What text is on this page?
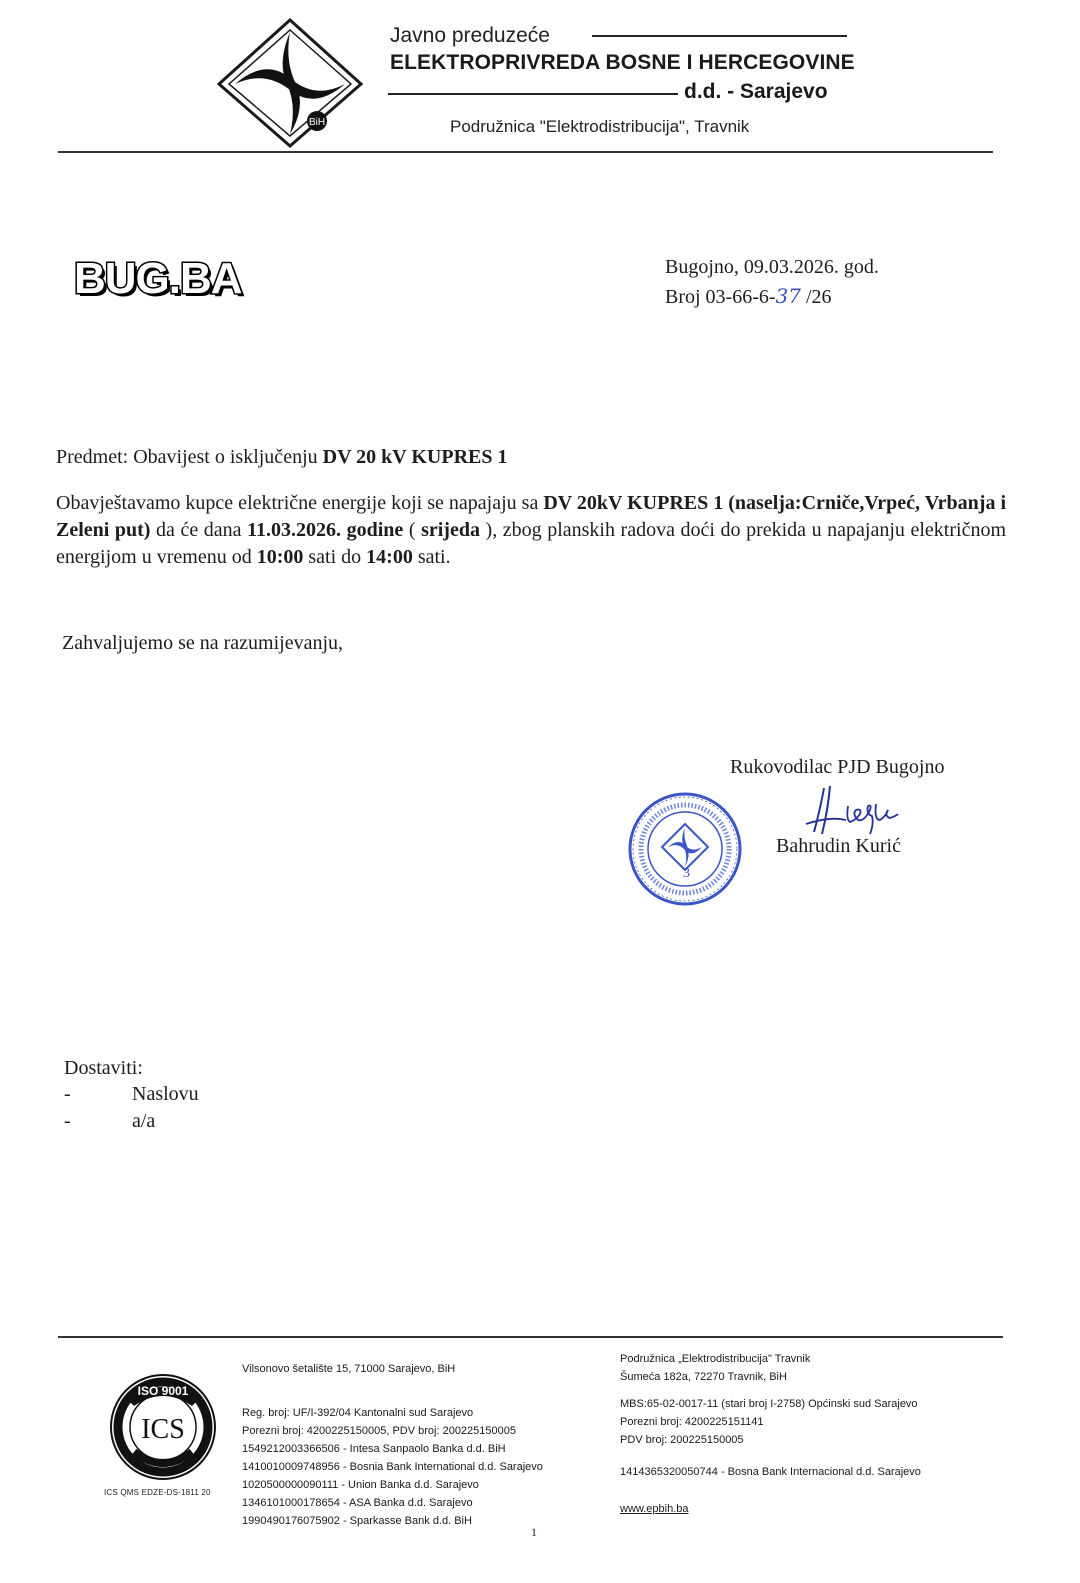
BiH
Javno preduzeće
ELEKTROPRIVREDA BOSNE I HERCEGOVINE
d.d. - Sarajevo
Podružnica "Elektrodistribucija", Travnik
BUG.BA	Bugojno, 09.03.2026. god.
Broj 03-66-6-37 /26
Predmet: Obavijest o isključenju DV 20 kV KUPRES 1
Obavještavamo kupce električne energije koji se napajaju sa DV 20kV KUPRES 1 (naselja:Crniče,Vrpeć, Vrbanja i Zeleni put) da će dana 11.03.2026. godine ( srijeda ), zbog planskih radova doći do prekida u napajanju električnom energijom u vremenu od 10:00 sati do 14:00 sati.
Zahvaljujemo se na razumijevanju,
Rukovodilac PJD Bugojno
3
Bahrudin Kurić
Dostaviti:
-	Naslovu
-	a/a
ISO 9001
ICS
ICS QMS EDZE-DS-1811 20
Vilsonovo šetalište 15, 71000 Sarajevo, BiH
Reg. broj: UF/I-392/04 Kantonalni sud Sarajevo
Porezni broj: 4200225150005, PDV broj: 200225150005
1549212003366506 - Intesa Sanpaolo Banka d.d. BiH
1410010009748956 - Bosnia Bank International d.d. Sarajevo
1020500000090111 - Union Banka d.d. Sarajevo
1346101000178654 - ASA Banka d.d. Sarajevo
1990490176075902 - Sparkasse Bank d.d. BiH
Podružnica „Elektrodistribucija" Travnik
Šumeća 182a, 72270 Travnik, BiH
MBS:65-02-0017-11 (stari broj I-2758) Općinski sud Sarajevo
Porezni broj: 4200225151141
PDV broj: 200225150005
1414365320050744 - Bosna Bank Internacional d.d. Sarajevo
www.epbih.ba
1
